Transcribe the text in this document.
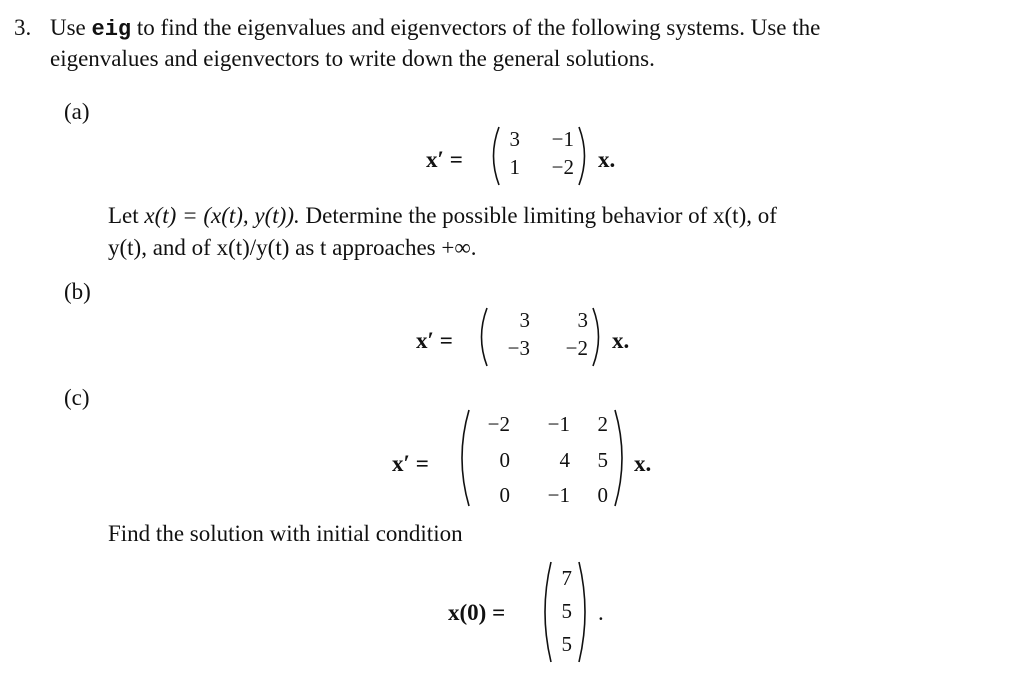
3. Use eig to find the eigenvalues and eigenvectors of the following systems. Use the
eigenvalues and eigenvectors to write down the general solutions.
(a)
x′ =
3	−1
1	−2 x.
Let x(t) = (x(t), y(t)). Determine the possible limiting behavior of x(t), of
y(t), and of x(t)/y(t) as t approaches +∞.
(b)
x′ =
3	3
−3	−2 x.
(c)
x′ =
−2	−1	2
0	4	5
0	−1	0
x.
Find the solution with initial condition
x(0) =
7
5
5
.
